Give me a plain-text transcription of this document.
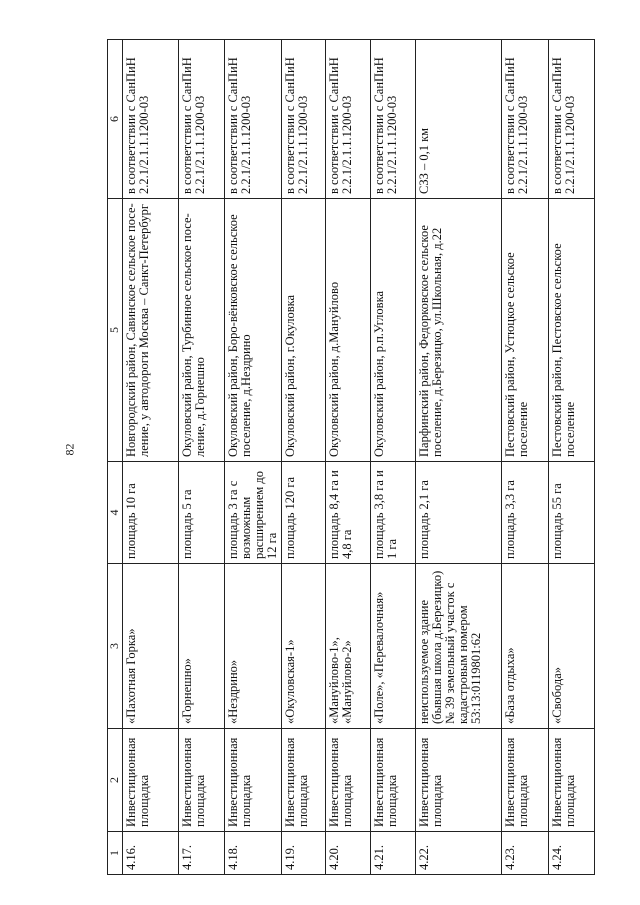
82
1	2	3	4	5	6
4.16.	Инвестиционная площадка	«Пахотная Горка»	площадь 10 га	Новгородский район, Савинское сельское посе-ление, у автодороги Москва – Санкт-Петербург	в соответствии с СанПиН 2.2.1/2.1.1.1200-03
4.17.	Инвестиционная площадка	«Горнешно»	площадь 5 га	Окуловский район, Турбинное сельское посе-ление, д.Горнешно	в соответствии с СанПиН 2.2.1/2.1.1.1200-03
4.18.	Инвестиционная площадка	«Нездрино»	площадь 3 га с возможным расширением до 12 га	Окуловский район, Боро-вёнковское сельское поселение, д.Нездрино	в соответствии с СанПиН 2.2.1/2.1.1.1200-03
4.19.	Инвестиционная площадка	«Окуловская-1»	площадь 120 га	Окуловский район, г.Окуловка	в соответствии с СанПиН 2.2.1/2.1.1.1200-03
4.20.	Инвестиционная площадка	«Мануйлово-1», «Мануйлово-2»	площадь 8,4 га и 4,8 га	Окуловский район, д.Мануйлово	в соответствии с СанПиН 2.2.1/2.1.1.1200-03
4.21.	Инвестиционная площадка	«Поле», «Перевалочная»	площадь 3,8 га и 1 га	Окуловский район, р.п.Угловка	в соответствии с СанПиН 2.2.1/2.1.1.1200-03
4.22.	Инвестиционная площадка	неиспользуемое здание (бывшая школа д.Березицко) № 39 земельный участок с кадастровым номером 53:13:0119801:62	площадь 2,1 га	Парфинский район, Федорковское сельское поселение, д.Березицко, ул.Школьная, д.22	СЗЗ – 0,1 км
4.23.	Инвестиционная площадка	«База отдыха»	площадь 3,3 га	Пестовский район, Устюцкое сельское поселение	в соответствии с СанПиН 2.2.1/2.1.1.1200-03
4.24.	Инвестиционная площадка	«Свобода»	площадь 55 га	Пестовский район, Пестовское сельское поселение	в соответствии с СанПиН 2.2.1/2.1.1.1200-03
